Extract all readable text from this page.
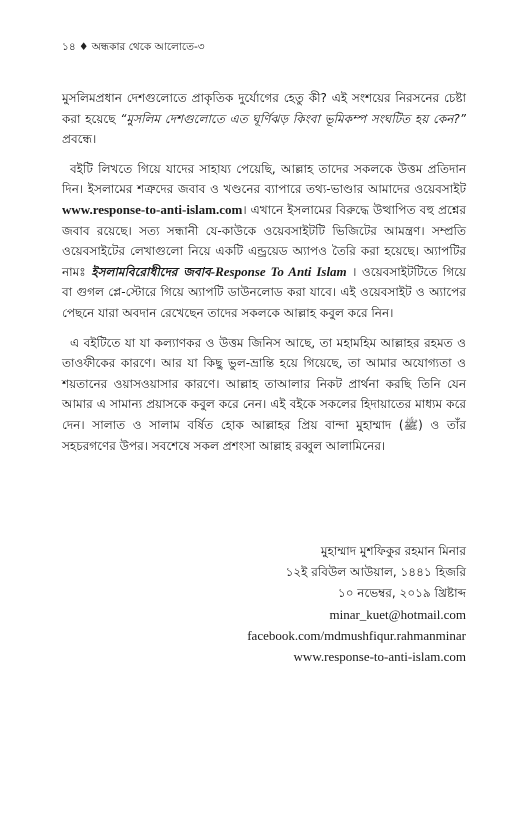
১৪ ♦ অন্ধকার থেকে আলোতে-৩

মুসলিমপ্রধান দেশগুলোতে প্রাকৃতিক দুর্যোগের হেতু কী? এই সংশয়ের নিরসনের চেষ্টা করা হয়েছে “মুসলিম দেশগুলোতে এত ঘূর্ণিঝড় কিংবা ভূমিকম্প সংঘটিত হয় কেন?” প্রবন্ধে।

বইটি লিখতে গিয়ে যাদের সাহায্য পেয়েছি, আল্লাহ তাদের সকলকে উত্তম প্রতিদান দিন। ইসলামের শত্রুদের জবাব ও খণ্ডনের ব্যাপারে তথ্য-ভাণ্ডার আমাদের ওয়েবসাইট www.response-to-anti-islam.com। এখানে ইসলামের বিরুদ্ধে উত্থাপিত বহু প্রশ্নের জবাব রয়েছে। সত্য সন্ধানী যে-কাউকে ওয়েবসাইটটি ভিজিটের আমন্ত্রণ। সম্প্রতি ওয়েবসাইটের লেখাগুলো নিয়ে একটি এন্ড্রয়েড অ্যাপও তৈরি করা হয়েছে। অ্যাপটির নামঃ ইসলামবিরোধীদের জবাব-Response To Anti Islam । ওয়েবসাইটটিতে গিয়ে বা গুগল প্লে-স্টোরে গিয়ে অ্যাপটি ডাউনলোড করা যাবে। এই ওয়েবসাইট ও অ্যাপের পেছনে যারা অবদান রেখেছেন তাদের সকলকে আল্লাহ কবুল করে নিন।

এ বইটিতে যা যা কল্যাণকর ও উত্তম জিনিস আছে, তা মহামহিম আল্লাহর রহমত ও তাওফীকের কারণে। আর যা কিছু ভুল-ভ্রান্তি হয়ে গিয়েছে, তা আমার অযোগ্যতা ও শয়তানের ওয়াসওয়াসার কারণে। আল্লাহ তাআলার নিকট প্রার্থনা করছি তিনি যেন আমার এ সামান্য প্রয়াসকে কবুল করে নেন। এই বইকে সকলের হিদায়াতের মাধ্যম করে দেন। সালাত ও সালাম বর্ষিত হোক আল্লাহর প্রিয় বান্দা মুহাম্মাদ (ﷺ) ও তাঁর সহচরগণের উপর। সবশেষে সকল প্রশংসা আল্লাহ রব্বুল আলামিনের।

মুহাম্মাদ মুশফিকুর রহমান মিনার
১২ই রবিউল আউয়াল, ১৪৪১ হিজরি
১০ নভেম্বর, ২০১৯ খ্রিষ্টাব্দ
minar_kuet@hotmail.com
facebook.com/mdmushfiqur.rahmanminar
www.response-to-anti-islam.com
